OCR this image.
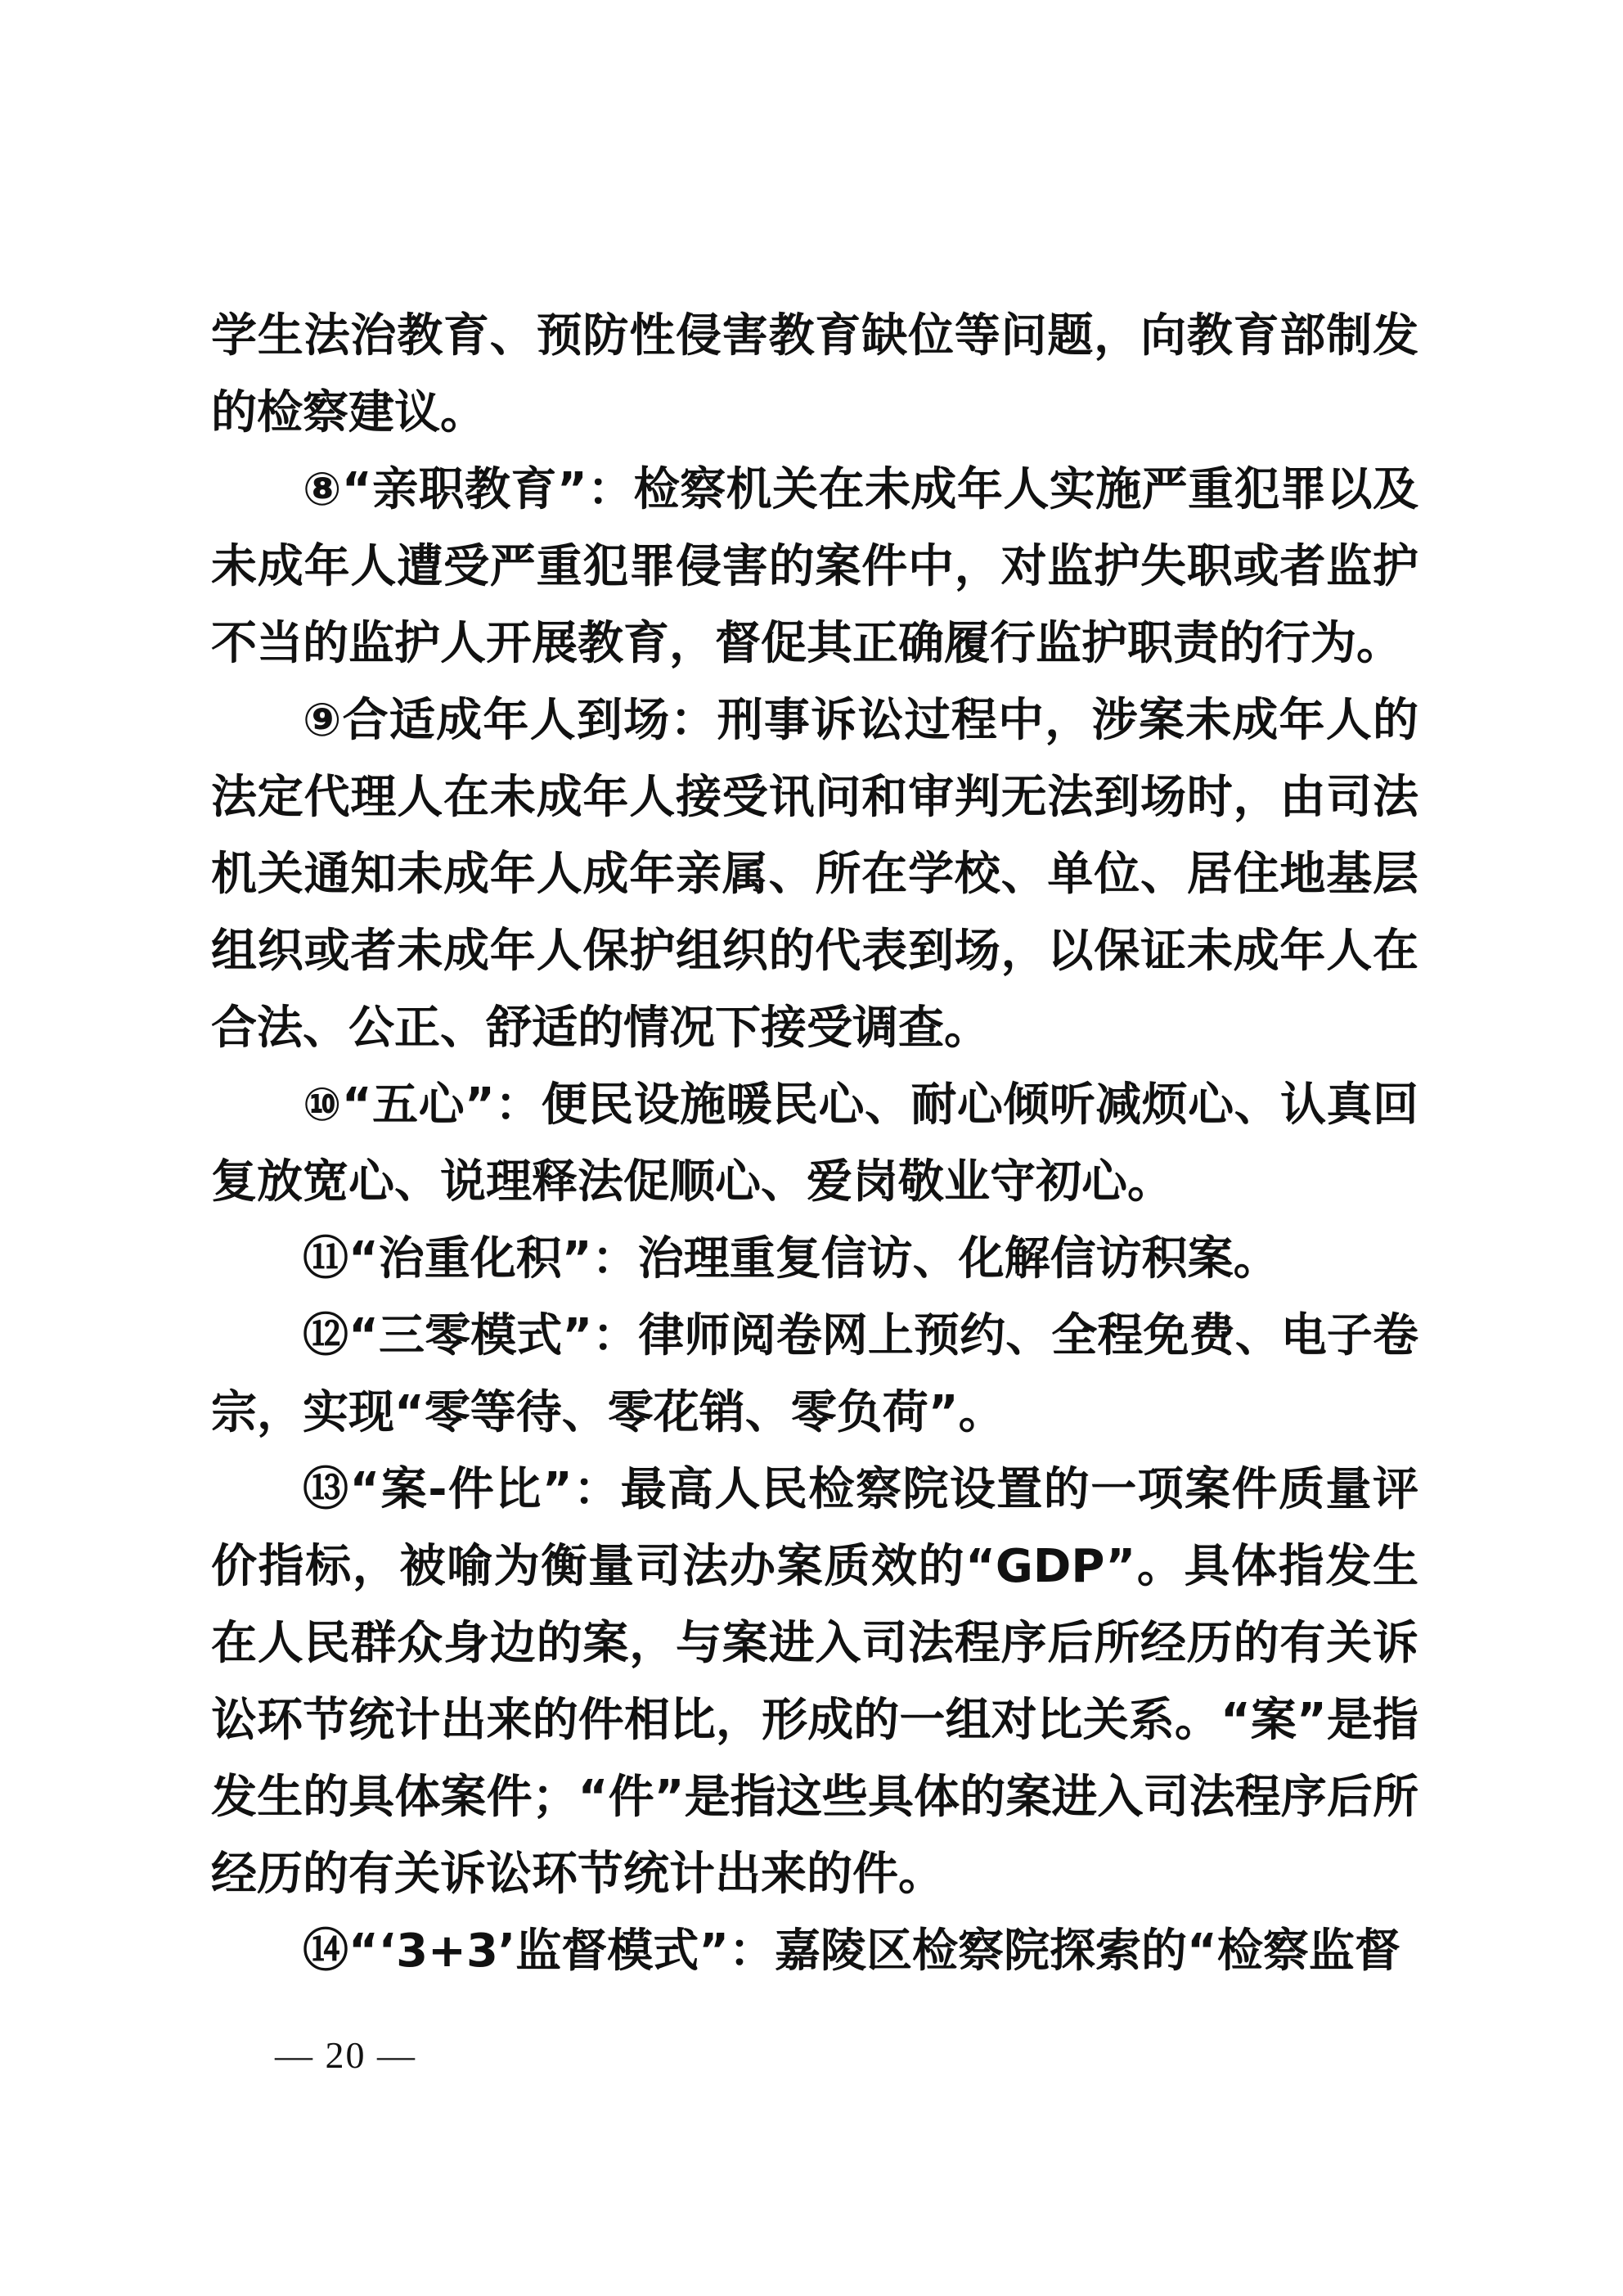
学生法治教育、预防性侵害教育缺位等问题，向教育部制发的检察建议。

⑧“亲职教育”：检察机关在未成年人实施严重犯罪以及未成年人遭受严重犯罪侵害的案件中，对监护失职或者监护不当的监护人开展教育，督促其正确履行监护职责的行为。

⑨合适成年人到场：刑事诉讼过程中，涉案未成年人的法定代理人在未成年人接受讯问和审判无法到场时，由司法机关通知未成年人成年亲属、所在学校、单位、居住地基层组织或者未成年人保护组织的代表到场，以保证未成年人在合法、公正、舒适的情况下接受调查。

⑩“五心”：便民设施暖民心、耐心倾听减烦心、认真回复放宽心、说理释法促顺心、爱岗敬业守初心。

⑪“治重化积”：治理重复信访、化解信访积案。

⑫“三零模式”：律师阅卷网上预约、全程免费、电子卷宗，实现“零等待、零花销、零负荷”。

⑬“案-件比”：最高人民检察院设置的一项案件质量评价指标，被喻为衡量司法办案质效的“GDP”。具体指发生在人民群众身边的案，与案进入司法程序后所经历的有关诉讼环节统计出来的件相比，形成的一组对比关系。“案”是指发生的具体案件；“件”是指这些具体的案进入司法程序后所经历的有关诉讼环节统计出来的件。

⑭“‘3+3’监督模式”：嘉陵区检察院探索的“检察监督

— 20 —
